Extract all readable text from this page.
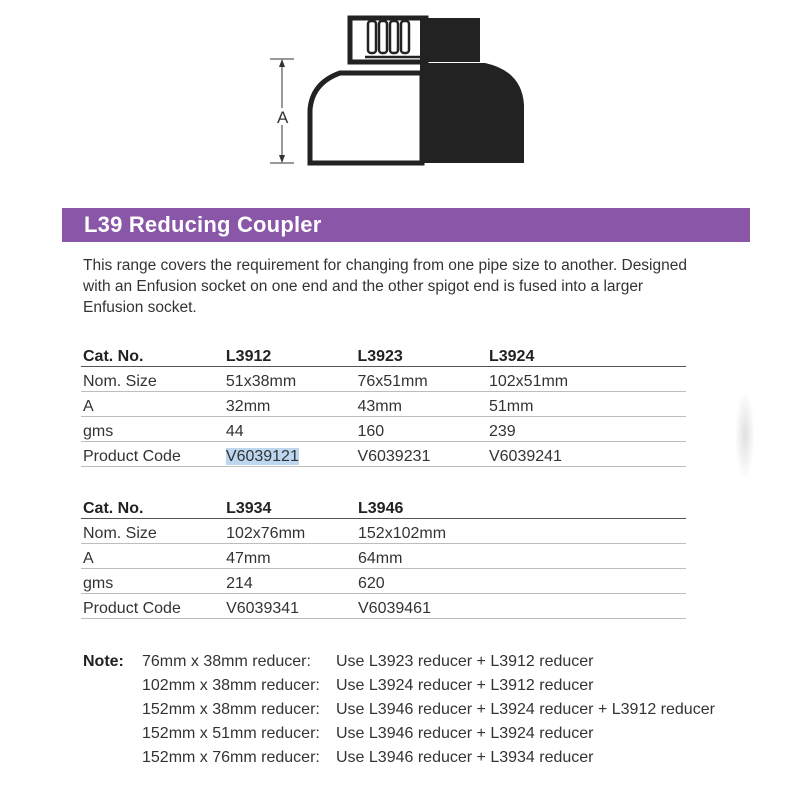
A
L39 Reducing Coupler
This range covers the requirement for changing from one pipe size to another. Designed with an Enfusion socket on one end and the other spigot end is fused into a larger Enfusion socket.
Cat. No.	L3912	L3923	L3924
Nom. Size	51x38mm	76x51mm	102x51mm
A	32mm	43mm	51mm
gms	44	160	239
Product Code	V6039121	V6039231	V6039241
Cat. No.	L3934	L3946	
Nom. Size	102x76mm	152x102mm	
A	47mm	64mm	
gms	214	620	
Product Code	V6039341	V6039461	
Note: 76mm x 38mm reducer: Use L3923 reducer + L3912 reducer
102mm x 38mm reducer: Use L3924 reducer + L3912 reducer
152mm x 38mm reducer: Use L3946 reducer + L3924 reducer + L3912 reducer
152mm x 51mm reducer: Use L3946 reducer + L3924 reducer
152mm x 76mm reducer: Use L3946 reducer + L3934 reducer
